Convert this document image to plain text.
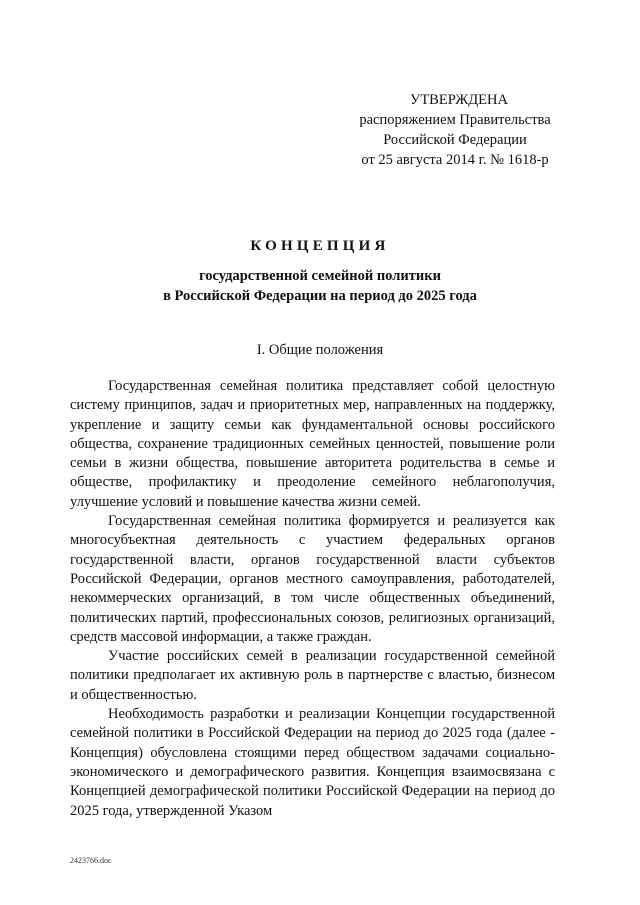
УТВЕРЖДЕНА
распоряжением Правительства
Российской Федерации
от 25 августа 2014 г. № 1618-р
КОНЦЕПЦИЯ
государственной семейной политики
в Российской Федерации на период до 2025 года
I. Общие положения

Государственная семейная политика представляет собой целостную систему принципов, задач и приоритетных мер, направленных на поддержку, укрепление и защиту семьи как фундаментальной основы российского общества, сохранение традиционных семейных ценностей, повышение роли семьи в жизни общества, повышение авторитета родительства в семье и обществе, профилактику и преодоление семейного неблагополучия, улучшение условий и повышение качества жизни семей.

Государственная семейная политика формируется и реализуется как многосубъектная деятельность с участием федеральных органов государственной власти, органов государственной власти субъектов Российской Федерации, органов местного самоуправления, работодателей, некоммерческих организаций, в том числе общественных объединений, политических партий, профессиональных союзов, религиозных организаций, средств массовой информации, а также граждан.

Участие российских семей в реализации государственной семейной политики предполагает их активную роль в партнерстве с властью, бизнесом и общественностью.

Необходимость разработки и реализации Концепции государственной семейной политики в Российской Федерации на период до 2025 года (далее - Концепция) обусловлена стоящими перед обществом задачами социально-экономического и демографического развития. Концепция взаимосвязана с Концепцией демографической политики Российской Федерации на период до 2025 года, утвержденной Указом

2423766.doc
